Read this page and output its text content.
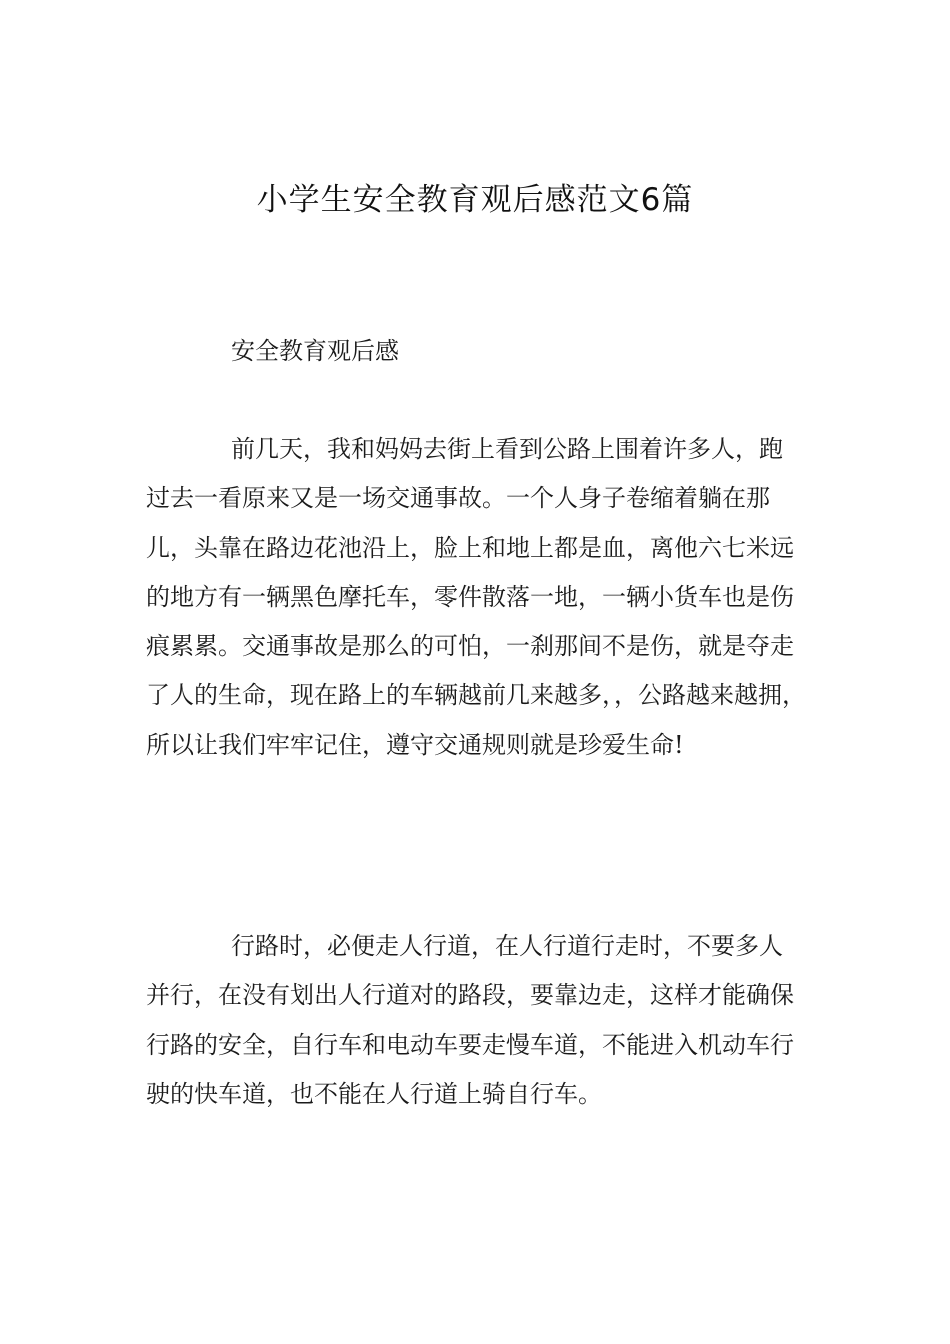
小学生安全教育观后感范文6篇
安全教育观后感

前几天，我和妈妈去街上看到公路上围着许多人，跑过去一看原来又是一场交通事故。一个人身子卷缩着躺在那儿，头靠在路边花池沿上，脸上和地上都是血，离他六七米远的地方有一辆黑色摩托车，零件散落一地，一辆小货车也是伤痕累累。交通事故是那么的可怕，一刹那间不是伤，就是夺走了人的生命，现在路上的车辆越前几来越多，，公路越来越拥，所以让我们牢牢记住，遵守交通规则就是珍爱生命!

行路时，必便走人行道，在人行道行走时，不要多人并行，在没有划出人行道对的路段，要靠边走，这样才能确保行路的安全，自行车和电动车要走慢车道，不能进入机动车行驶的快车道，也不能在人行道上骑自行车。
